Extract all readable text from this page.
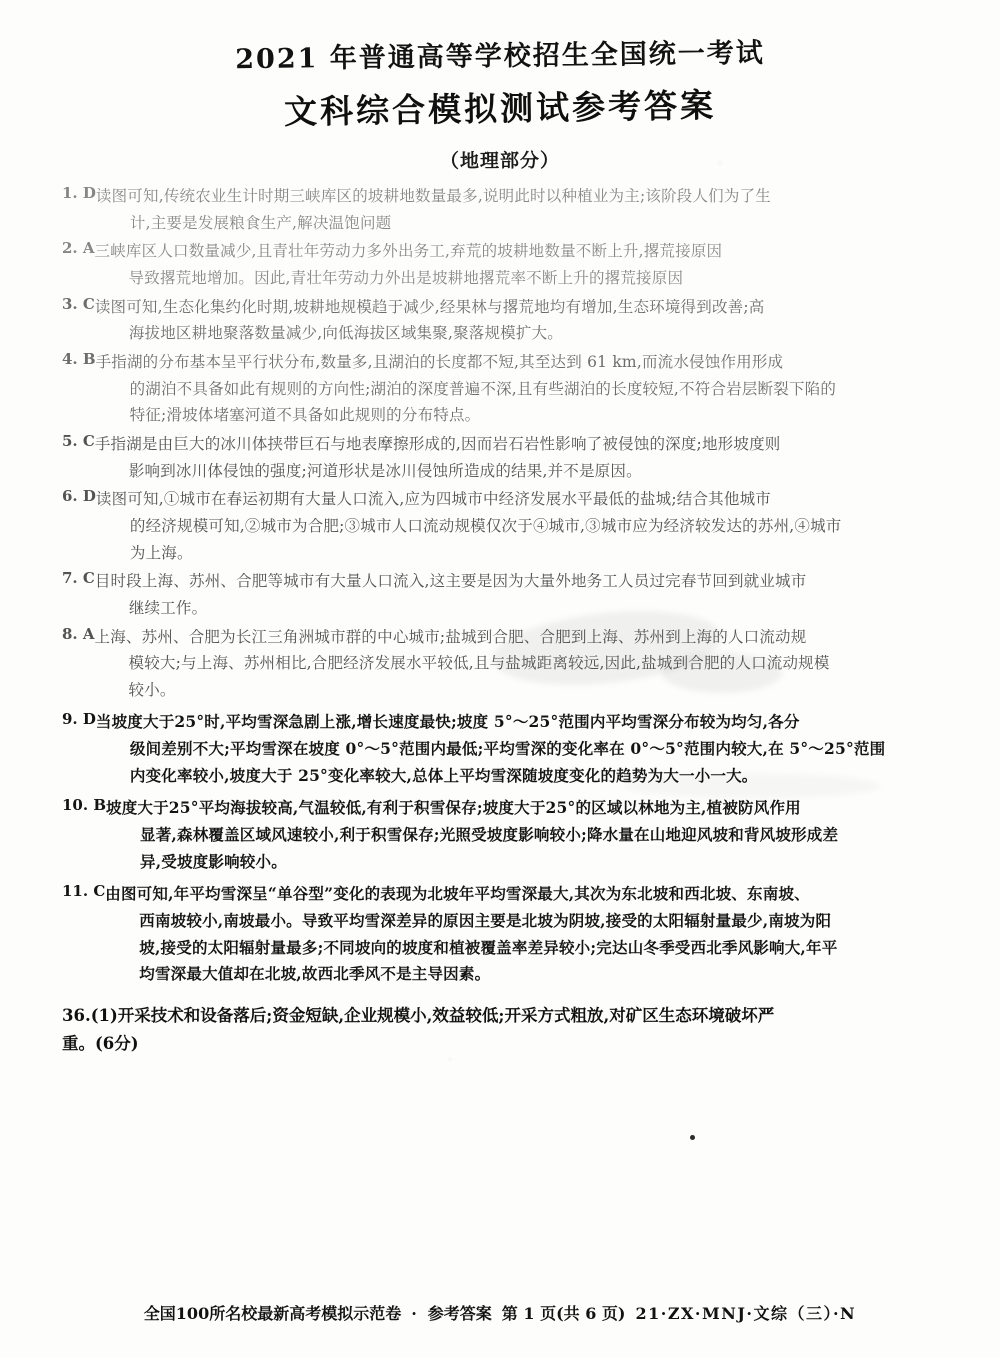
2021 年普通高等学校招生全国统一考试
文科综合模拟测试参考答案
（地理部分）
1. D 读图可知,传统农业生计时期三峡库区的坡耕地数量最多,说明此时以种植业为主;该阶段人们为了生
计,主要是发展粮食生产,解决温饱问题
2. A 三峡库区人口数量减少,且青壮年劳动力多外出务工,弃荒的坡耕地数量不断上升,撂荒接原因
导致撂荒地增加。因此,青壮年劳动力外出是坡耕地撂荒率不断上升的撂荒接原因
3. C 读图可知,生态化集约化时期,坡耕地规模趋于减少,经果林与撂荒地均有增加,生态环境得到改善;高
海拔地区耕地聚落数量减少,向低海拔区域集聚,聚落规模扩大。
4. B 手指湖的分布基本呈平行状分布,数量多,且湖泊的长度都不短,其至达到 61 km,而流水侵蚀作用形成
的湖泊不具备如此有规则的方向性;湖泊的深度普遍不深,且有些湖泊的长度较短,不符合岩层断裂下陷的
特征;滑坡体堵塞河道不具备如此规则的分布特点。
5. C 手指湖是由巨大的冰川体挟带巨石与地表摩擦形成的,因而岩石岩性影响了被侵蚀的深度;地形坡度则
影响到冰川体侵蚀的强度;河道形状是冰川侵蚀所造成的结果,并不是原因。
6. D 读图可知,①城市在春运初期有大量人口流入,应为四城市中经济发展水平最低的盐城;结合其他城市
的经济规模可知,②城市为合肥;③城市人口流动规模仅次于④城市,③城市应为经济较发达的苏州,④城市
为上海。
7. C 目时段上海、苏州、合肥等城市有大量人口流入,这主要是因为大量外地务工人员过完春节回到就业城市
继续工作。
8. A 上海、苏州、合肥为长江三角洲城市群的中心城市;盐城到合肥、合肥到上海、苏州到上海的人口流动规
模较大;与上海、苏州相比,合肥经济发展水平较低,且与盐城距离较远,因此,盐城到合肥的人口流动规模
较小。
9. D 当坡度大于25°时,平均雪深急剧上涨,增长速度最快;坡度 5°～25°范围内平均雪深分布较为均匀,各分
级间差别不大;平均雪深在坡度 0°～5°范围内最低;平均雪深的变化率在 0°～5°范围内较大,在 5°～25°范围
内变化率较小,坡度大于 25°变化率较大,总体上平均雪深随坡度变化的趋势为大一小一大。
10. B 坡度大于25°平均海拔较高,气温较低,有利于积雪保存;坡度大于25°的区域以林地为主,植被防风作用
显著,森林覆盖区域风速较小,利于积雪保存;光照受坡度影响较小;降水量在山地迎风坡和背风坡形成差
异,受坡度影响较小。
11. C 由图可知,年平均雪深呈“单谷型”变化的表现为北坡年平均雪深最大,其次为东北坡和西北坡、东南坡、
西南坡较小,南坡最小。导致平均雪深差异的原因主要是北坡为阴坡,接受的太阳辐射量最少,南坡为阳
坡,接受的太阳辐射量最多;不同坡向的坡度和植被覆盖率差异较小;完达山冬季受西北季风影响大,年平
均雪深最大值却在北坡,故西北季风不是主导因素。
36.(1)开采技术和设备落后;资金短缺,企业规模小,效益较低;开采方式粗放,对矿区生态环境破坏严
重。(6分)
全国100所名校最新高考模拟示范卷 · 参考答案 第 1 页(共 6 页) 21·ZX·MNJ·文综（三）·N
